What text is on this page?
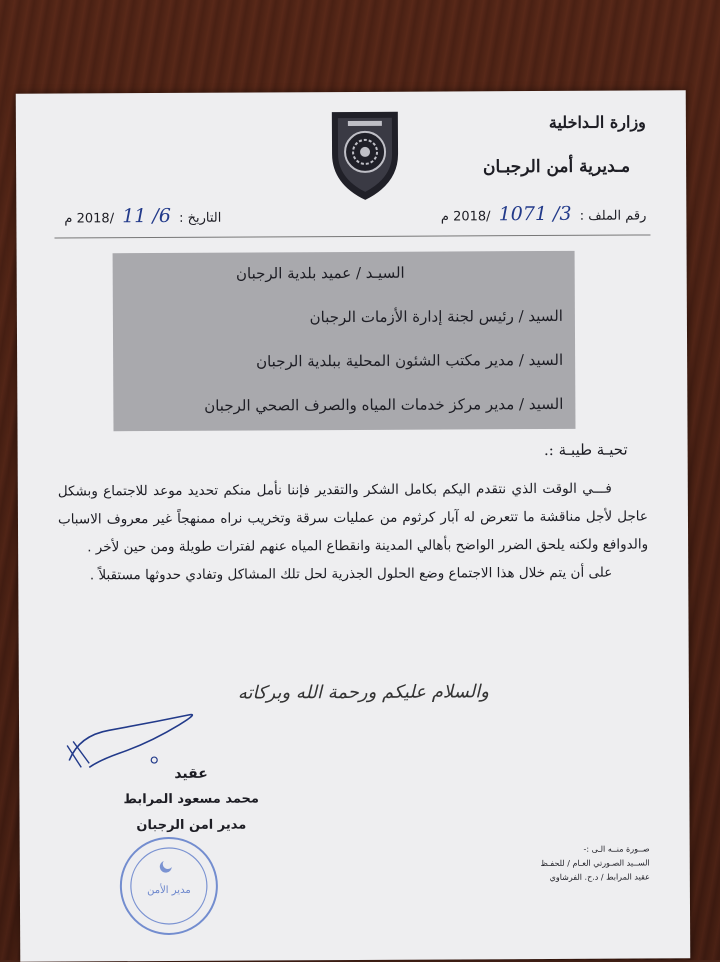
وزارة الـداخلية
مـديرية أمن الرجبـان
رقم الملف : 3/ 1071 /2018 م
التاريخ : 6/ 11 /2018 م
السيـد / عميد بلدية الرجبان
السيد / رئيس لجنة إدارة الأزمات الرجبان
السيد / مدير مكتب الشئون المحلية ببلدية الرجبان
السيد / مدير مركز خدمات المياه والصرف الصحي الرجبان
تحيـة طيبـة :.

فـــي الوقت الذي نتقدم اليكم بكامل الشكر والتقدير فإننا نأمل منكم تحديد موعد للاجتماع وبشكل عاجل لأجل مناقشة ما تتعرض له آبار كرثوم من عمليات سرقة وتخريب نراه ممنهجاً غير معروف الاسباب والدوافع ولكنه يلحق الضرر الواضح بأهالي المدينة وانقطاع المياه عنهم لفترات طويلة ومن حين لأخر .

على أن يتم خلال هذا الاجتماع وضع الحلول الجذرية لحل تلك المشاكل وتفادي حدوثها مستقبلاً .

والسلام عليكم ورحمة الله وبركاته
عقيد
محمد مسعود المرابط
مدير امن الرجبان
مدير الأمن
صــورة منــه الـى :-
الســيد الصـورتي العـام / للحفـظ
عقيد المرابط / د.ح. الفرشاوي
